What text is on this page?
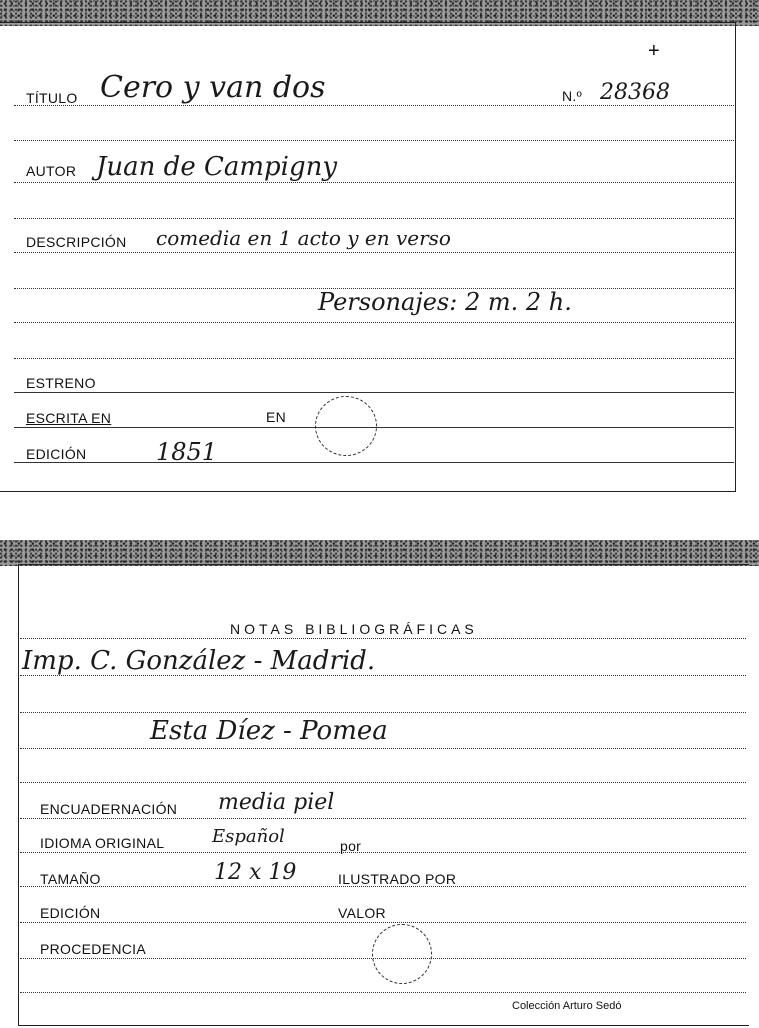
+
TÍTULO Cero y van dos	N.º 28368
AUTOR Juan de Campigny
DESCRIPCIÓN comedia en 1 acto y en verso
Personajes: 2 m. 2 h.
ESTRENO
ESCRITA EN	EN
EDICIÓN	1851
NOTAS BIBLIOGRÁFICAS
Imp. C. González - Madrid.
Esta Díez - Pomea
ENCUADERNACIÓN media piel
IDIOMA ORIGINAL	Español	por
TAMAÑO	12 x 19	ILUSTRADO POR
EDICIÓN	VALOR
PROCEDENCIA
Colección Arturo Sedó
